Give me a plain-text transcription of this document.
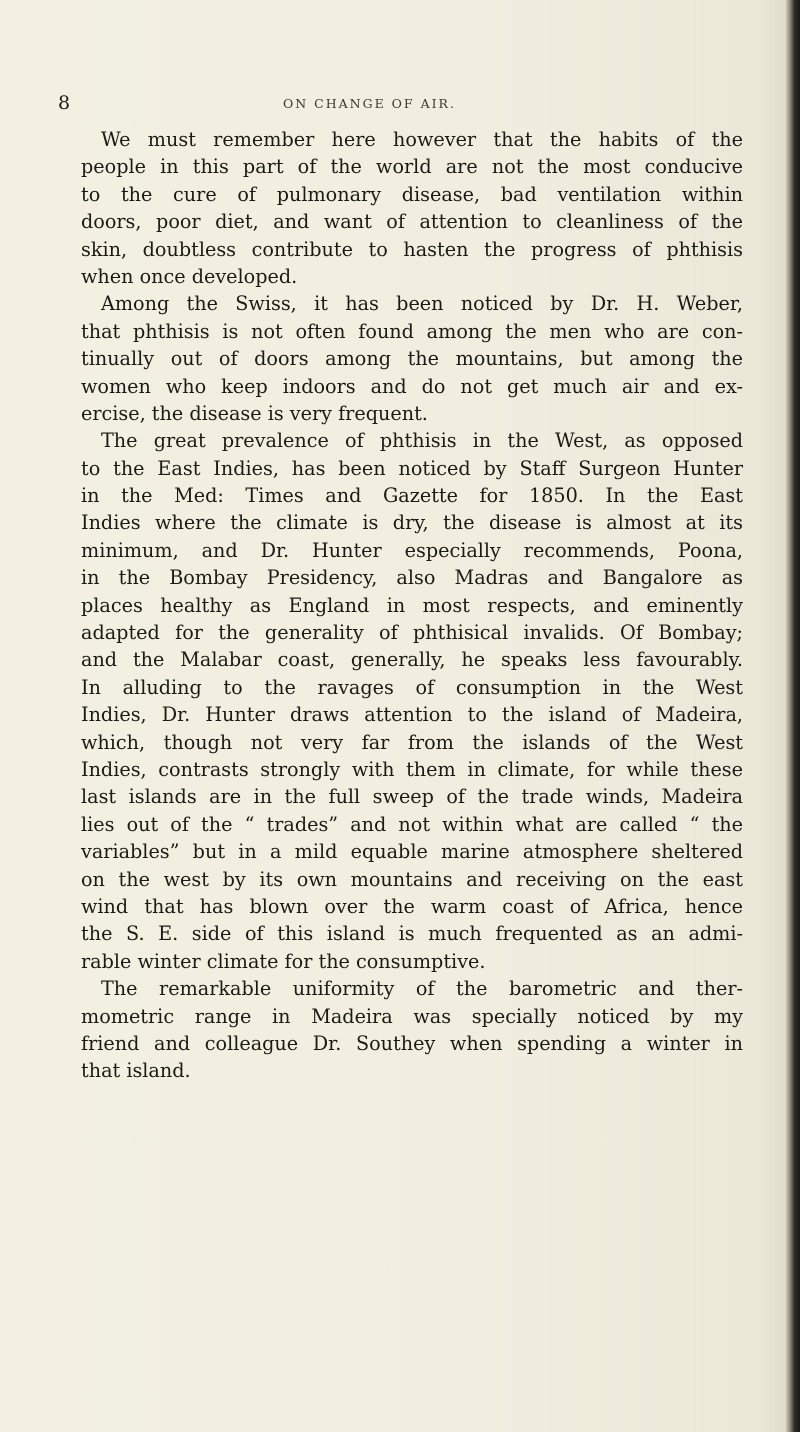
8	ON CHANGE OF AIR.
We must remember here however that the habits of the
people in this part of the world are not the most conducive
to the cure of pulmonary disease, bad ventilation within
doors, poor diet, and want of attention to cleanliness of the
skin, doubtless contribute to hasten the progress of phthisis
when once developed.
Among the Swiss, it has been noticed by Dr. H. Weber,
that phthisis is not often found among the men who are con-
tinually out of doors among the mountains, but among the
women who keep indoors and do not get much air and ex-
ercise, the disease is very frequent.
The great prevalence of phthisis in the West, as opposed
to the East Indies, has been noticed by Staff Surgeon Hunter
in the Med: Times and Gazette for 1850. In the East
Indies where the climate is dry, the disease is almost at its
minimum, and Dr. Hunter especially recommends, Poona,
in the Bombay Presidency, also Madras and Bangalore as
places healthy as England in most respects, and eminently
adapted for the generality of phthisical invalids. Of Bombay;
and the Malabar coast, generally, he speaks less favourably.
In alluding to the ravages of consumption in the West
Indies, Dr. Hunter draws attention to the island of Madeira,
which, though not very far from the islands of the West
Indies, contrasts strongly with them in climate, for while these
last islands are in the full sweep of the trade winds, Madeira
lies out of the “ trades” and not within what are called “ the
variables” but in a mild equable marine atmosphere sheltered
on the west by its own mountains and receiving on the east
wind that has blown over the warm coast of Africa, hence
the S. E. side of this island is much frequented as an admi-
rable winter climate for the consumptive.
The remarkable uniformity of the barometric and ther-
mometric range in Madeira was specially noticed by my
friend and colleague Dr. Southey when spending a winter in
that island.
